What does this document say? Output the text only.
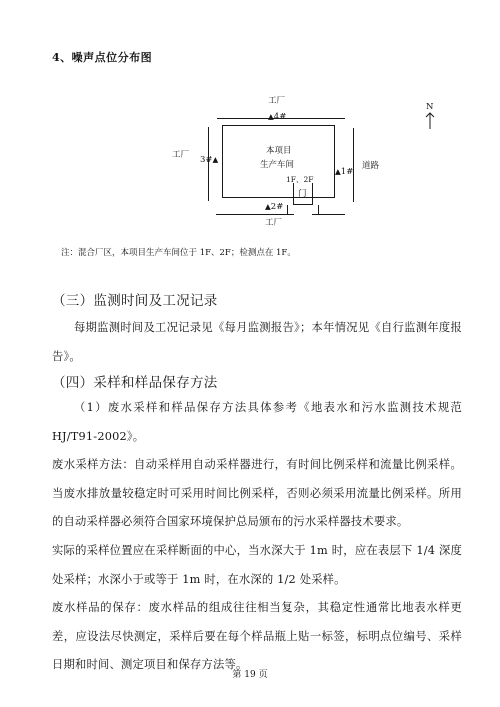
4、噪声点位分布图
工厂
工厂
工厂
道路
本项目
生产车间
1F、2F
门
▲4#
3#▲
▲1#
▲2#
N
注：混合厂区，本项目生产车间位于 1F、2F；检测点在 1F。
（三）监测时间及工况记录
每期监测时间及工况记录见《每月监测报告》；本年情况见《自行监测年度报告》。
（四）采样和样品保存方法
（1）废水采样和样品保存方法具体参考《地表水和污水监测技术规范 HJ/T91-2002》。
废水采样方法：自动采样用自动采样器进行，有时间比例采样和流量比例采样。当废水排放量较稳定时可采用时间比例采样，否则必须采用流量比例采样。所用的自动采样器必须符合国家环境保护总局颁布的污水采样器技术要求。
实际的采样位置应在采样断面的中心，当水深大于 1m 时，应在表层下 1/4 深度处采样；水深小于或等于 1m 时，在水深的 1/2 处采样。
废水样品的保存：废水样品的组成往往相当复杂，其稳定性通常比地表水样更差，应设法尽快测定，采样后要在每个样品瓶上贴一标签，标明点位编号、采样日期和时间、测定项目和保存方法等。
第 19 页
